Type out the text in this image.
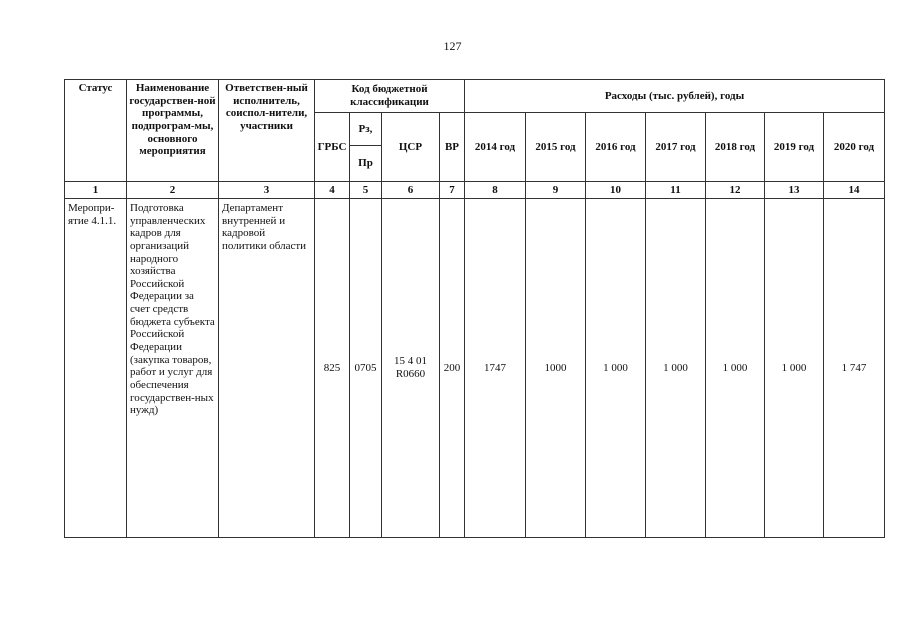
127
Статус	Наименование государствен-ной программы, подпрограм-мы, основного мероприятия	Ответствен-ный исполнитель, соиспол-нители, участники	Код бюджетной классификации				Расходы (тыс. рублей), годы						
			ГРБС	Рз,	ЦСР	ВР	2014 год	2015 год	2016 год	2017 год	2018 год	2019 год	2020 год
				Пр									
1	2	3	4	5	6	7	8	9	10	11	12	13	14
Меропри-ятие 4.1.1.	Подготовка управленческих кадров для организаций народного хозяйства Российской Федерации за счет средств бюджета субъекта Российской Федерации (закупка товаров, работ и услуг для обеспечения государствен-ных нужд)	Департамент внутренней и кадровой политики области	825	0705	15 4 01 R0660	200	1747	1000	1 000	1 000	1 000	1 000	1 747
